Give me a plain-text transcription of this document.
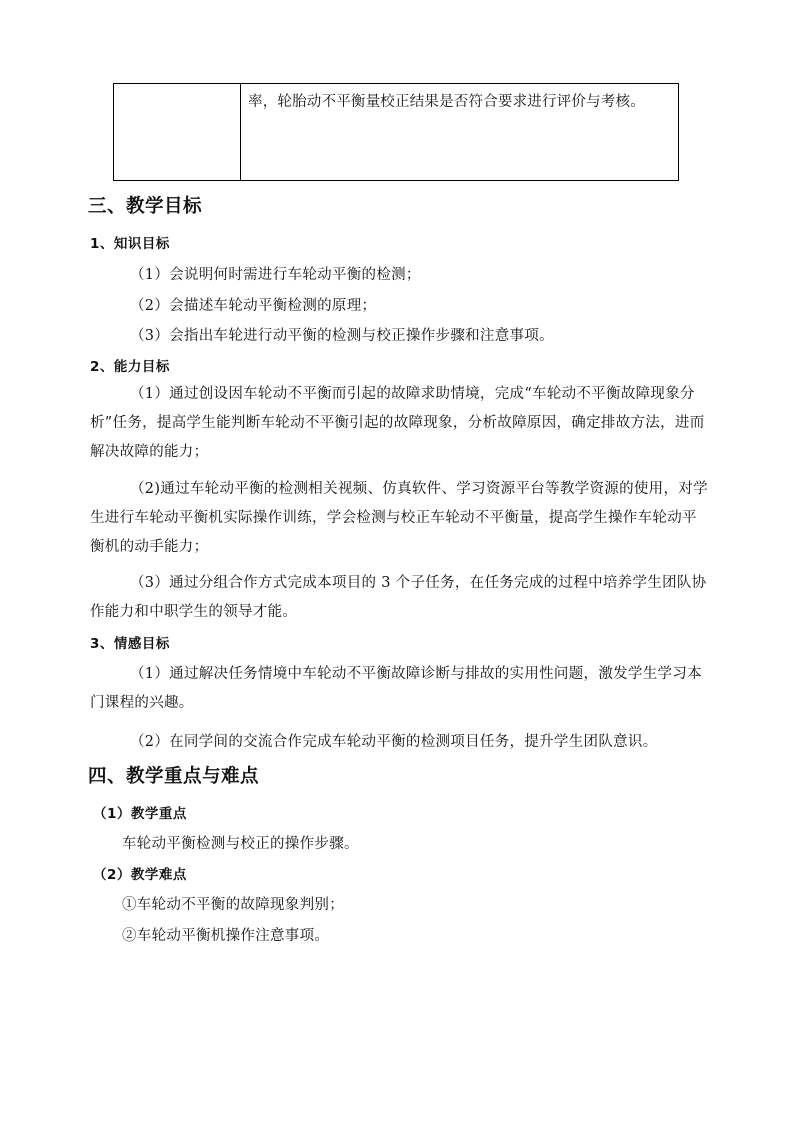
率，轮胎动不平衡量校正结果是否符合要求进行评价与考核。
三、教学目标
1、知识目标

（1）会说明何时需进行车轮动平衡的检测；

（2）会描述车轮动平衡检测的原理；

（3）会指出车轮进行动平衡的检测与校正操作步骤和注意事项。

2、能力目标

（1）通过创设因车轮动不平衡而引起的故障求助情境，完成“车轮动不平衡故障现象分析”任务，提高学生能判断车轮动不平衡引起的故障现象，分析故障原因，确定排故方法，进而解决故障的能力；

（2)通过车轮动平衡的检测相关视频、仿真软件、学习资源平台等教学资源的使用，对学生进行车轮动平衡机实际操作训练，学会检测与校正车轮动不平衡量，提高学生操作车轮动平衡机的动手能力；

（3）通过分组合作方式完成本项目的 3 个子任务，在任务完成的过程中培养学生团队协作能力和中职学生的领导才能。

3、情感目标

（1）通过解决任务情境中车轮动不平衡故障诊断与排故的实用性问题，激发学生学习本门课程的兴趣。

（2）在同学间的交流合作完成车轮动平衡的检测项目任务，提升学生团队意识。

四、教学重点与难点
（1）教学重点

车轮动平衡检测与校正的操作步骤。

（2）教学难点

①车轮动不平衡的故障现象判别；

②车轮动平衡机操作注意事项。
